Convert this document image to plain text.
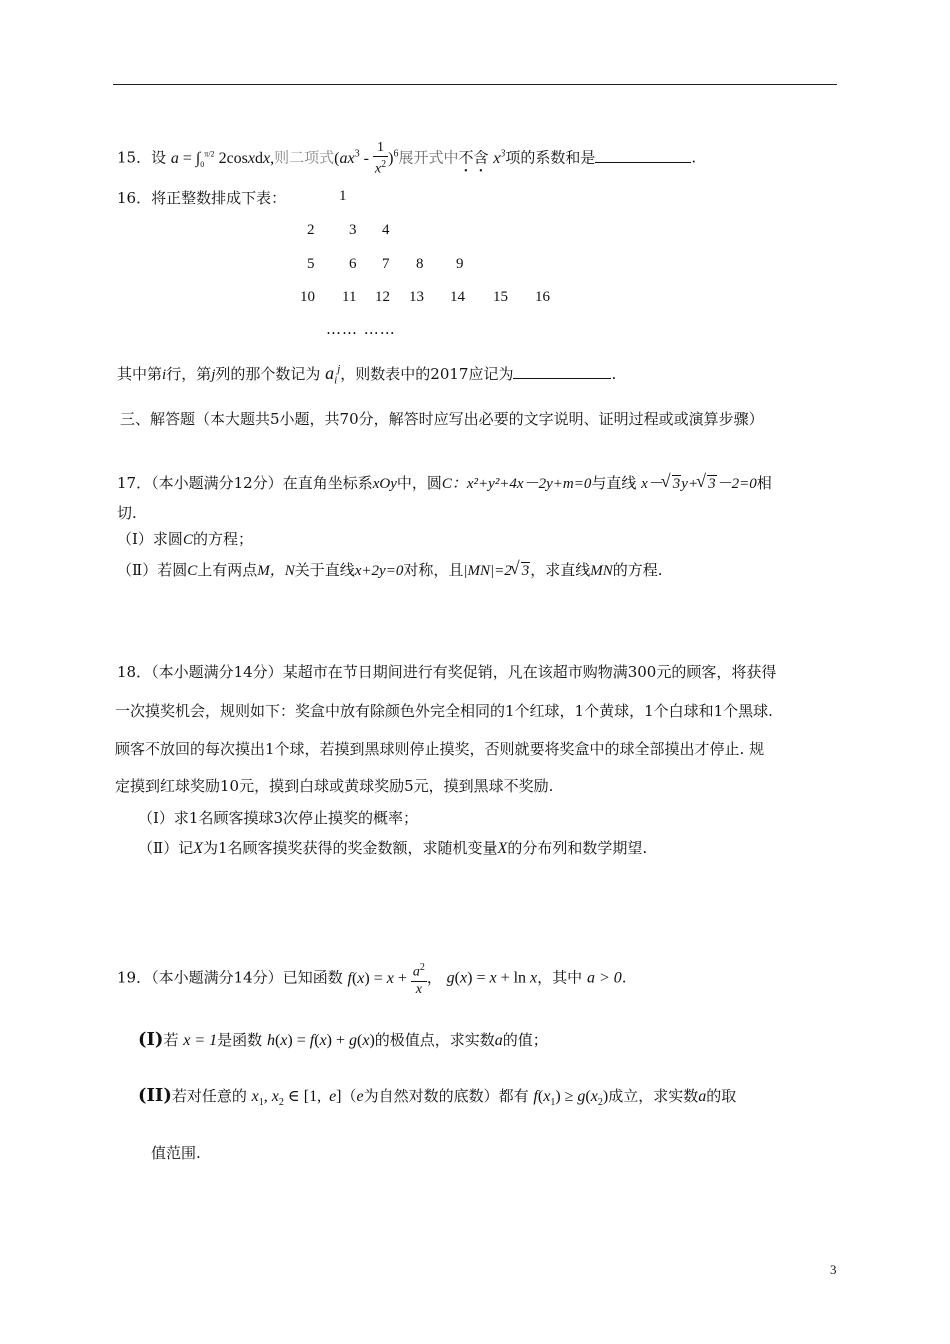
15．设 $a = \int_0^{\pi/2}$ 2cosxdx,则二项式$(ax^3 - \frac{1}{x^2} )^6$展开式中不含 $x^3$项的系数和是	.
16．将正整数排成下表：	1
2 3 4
5 6 7 8 9
10 11 12 13 14 15 16
…… ……
其中第i行，第j列的那个数记为 $a_i^j$，则数表中的2017应记为	.
三、解答题（本大题共5小题，共70分，解答时应写出必要的文字说明、证明过程或或演算步骤）
17．（本小题满分12分）在直角坐标系xOy中，圆C：x²+y²+4x－2y+m=0与直线 x－ √ 3y+ √ 3－2=0相
切.
（Ⅰ）求圆C的方程；
（Ⅱ）若圆C上有两点M，N关于直线x+2y=0对称，且|MN|=2 √ 3，求直线MN的方程.
18．（本小题满分14分）某超市在节日期间进行有奖促销，凡在该超市购物满300元的顾客，将获得
一次摸奖机会，规则如下：奖盒中放有除颜色外完全相同的1个红球，1个黄球，1个白球和1个黑球.
顾客不放回的每次摸出1个球，若摸到黑球则停止摸奖，否则就要将奖盒中的球全部摸出才停止. 规
定摸到红球奖励10元，摸到白球或黄球奖励5元，摸到黑球不奖励.
（Ⅰ）求1名顾客摸球3次停止摸奖的概率；
（Ⅱ）记X为1名顾客摸奖获得的奖金数额，求随机变量X的分布列和数学期望.
19．（本小题满分14分）已知函数 $f(x) = x + \frac{a^2}{x}$ ， g(x) = x + ln x，其中 a > 0.
(I)若 x = 1是函数 h(x) = f(x) + g(x)的极值点，求实数a的值；
(II)若对任意的 $x_1$, $x_2$ ∈ [1,  e]（e为自然对数的底数）都有 $f(x_1) \ge g(x_2)$成立，求实数a的取
值范围.
3
